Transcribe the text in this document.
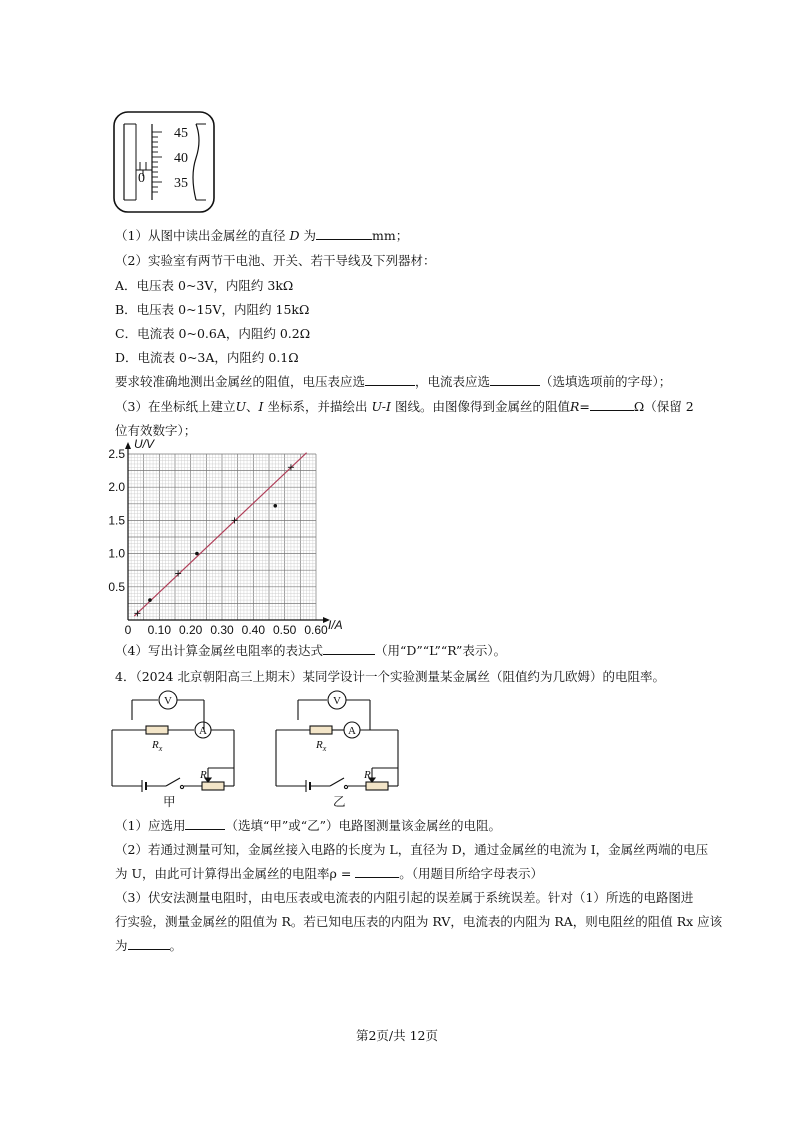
45
40
35
0
（1）从图中读出金属丝的直径 D 为	mm；
（2）实验室有两节干电池、开关、若干导线及下列器材：
A．电压表 0~3V，内阻约 3kΩ
B．电压表 0~15V，内阻约 15kΩ
C．电流表 0~0.6A，内阻约 0.2Ω
D．电流表 0~3A，内阻约 0.1Ω
要求较准确地测出金属丝的阻值，电压表应选	，电流表应选	（选填选项前的字母）；
（3）在坐标纸上建立U、I 坐标系，并描绘出 U-I 图线。由图像得到金属丝的阻值R=	Ω（保留 2
位有效数字）；
0 0.10 0.20 0.30 0.40 0.50 0.60
0.5
1.0
1.5
2.0
2.5
U/V
I/A
（4）写出计算金属丝电阻率的表达式	（用“D”“L”“R”表示）。
4．（2024 北京朝阳高三上期末）某同学设计一个实验测量某金属丝（阻值约为几欧姆）的电阻率。
V
A
V
A
$R_x$	$R_x$
R	R
甲	乙
（1）应选用	（选填“甲”或“乙”）电路图测量该金属丝的电阻。
（2）若通过测量可知，金属丝接入电路的长度为 L，直径为 D，通过金属丝的电流为 I，金属丝两端的电压
为 U，由此可计算得出金属丝的电阻率ρ =	。（用题目所给字母表示）
（3）伏安法测量电阻时，由电压表或电流表的内阻引起的误差属于系统误差。针对（1）所选的电路图进
行实验，测量金属丝的阻值为 R。若已知电压表的内阻为 RV，电流表的内阻为 RA，则电阻丝的阻值 Rx 应该
为	。
第2页/共 12页
